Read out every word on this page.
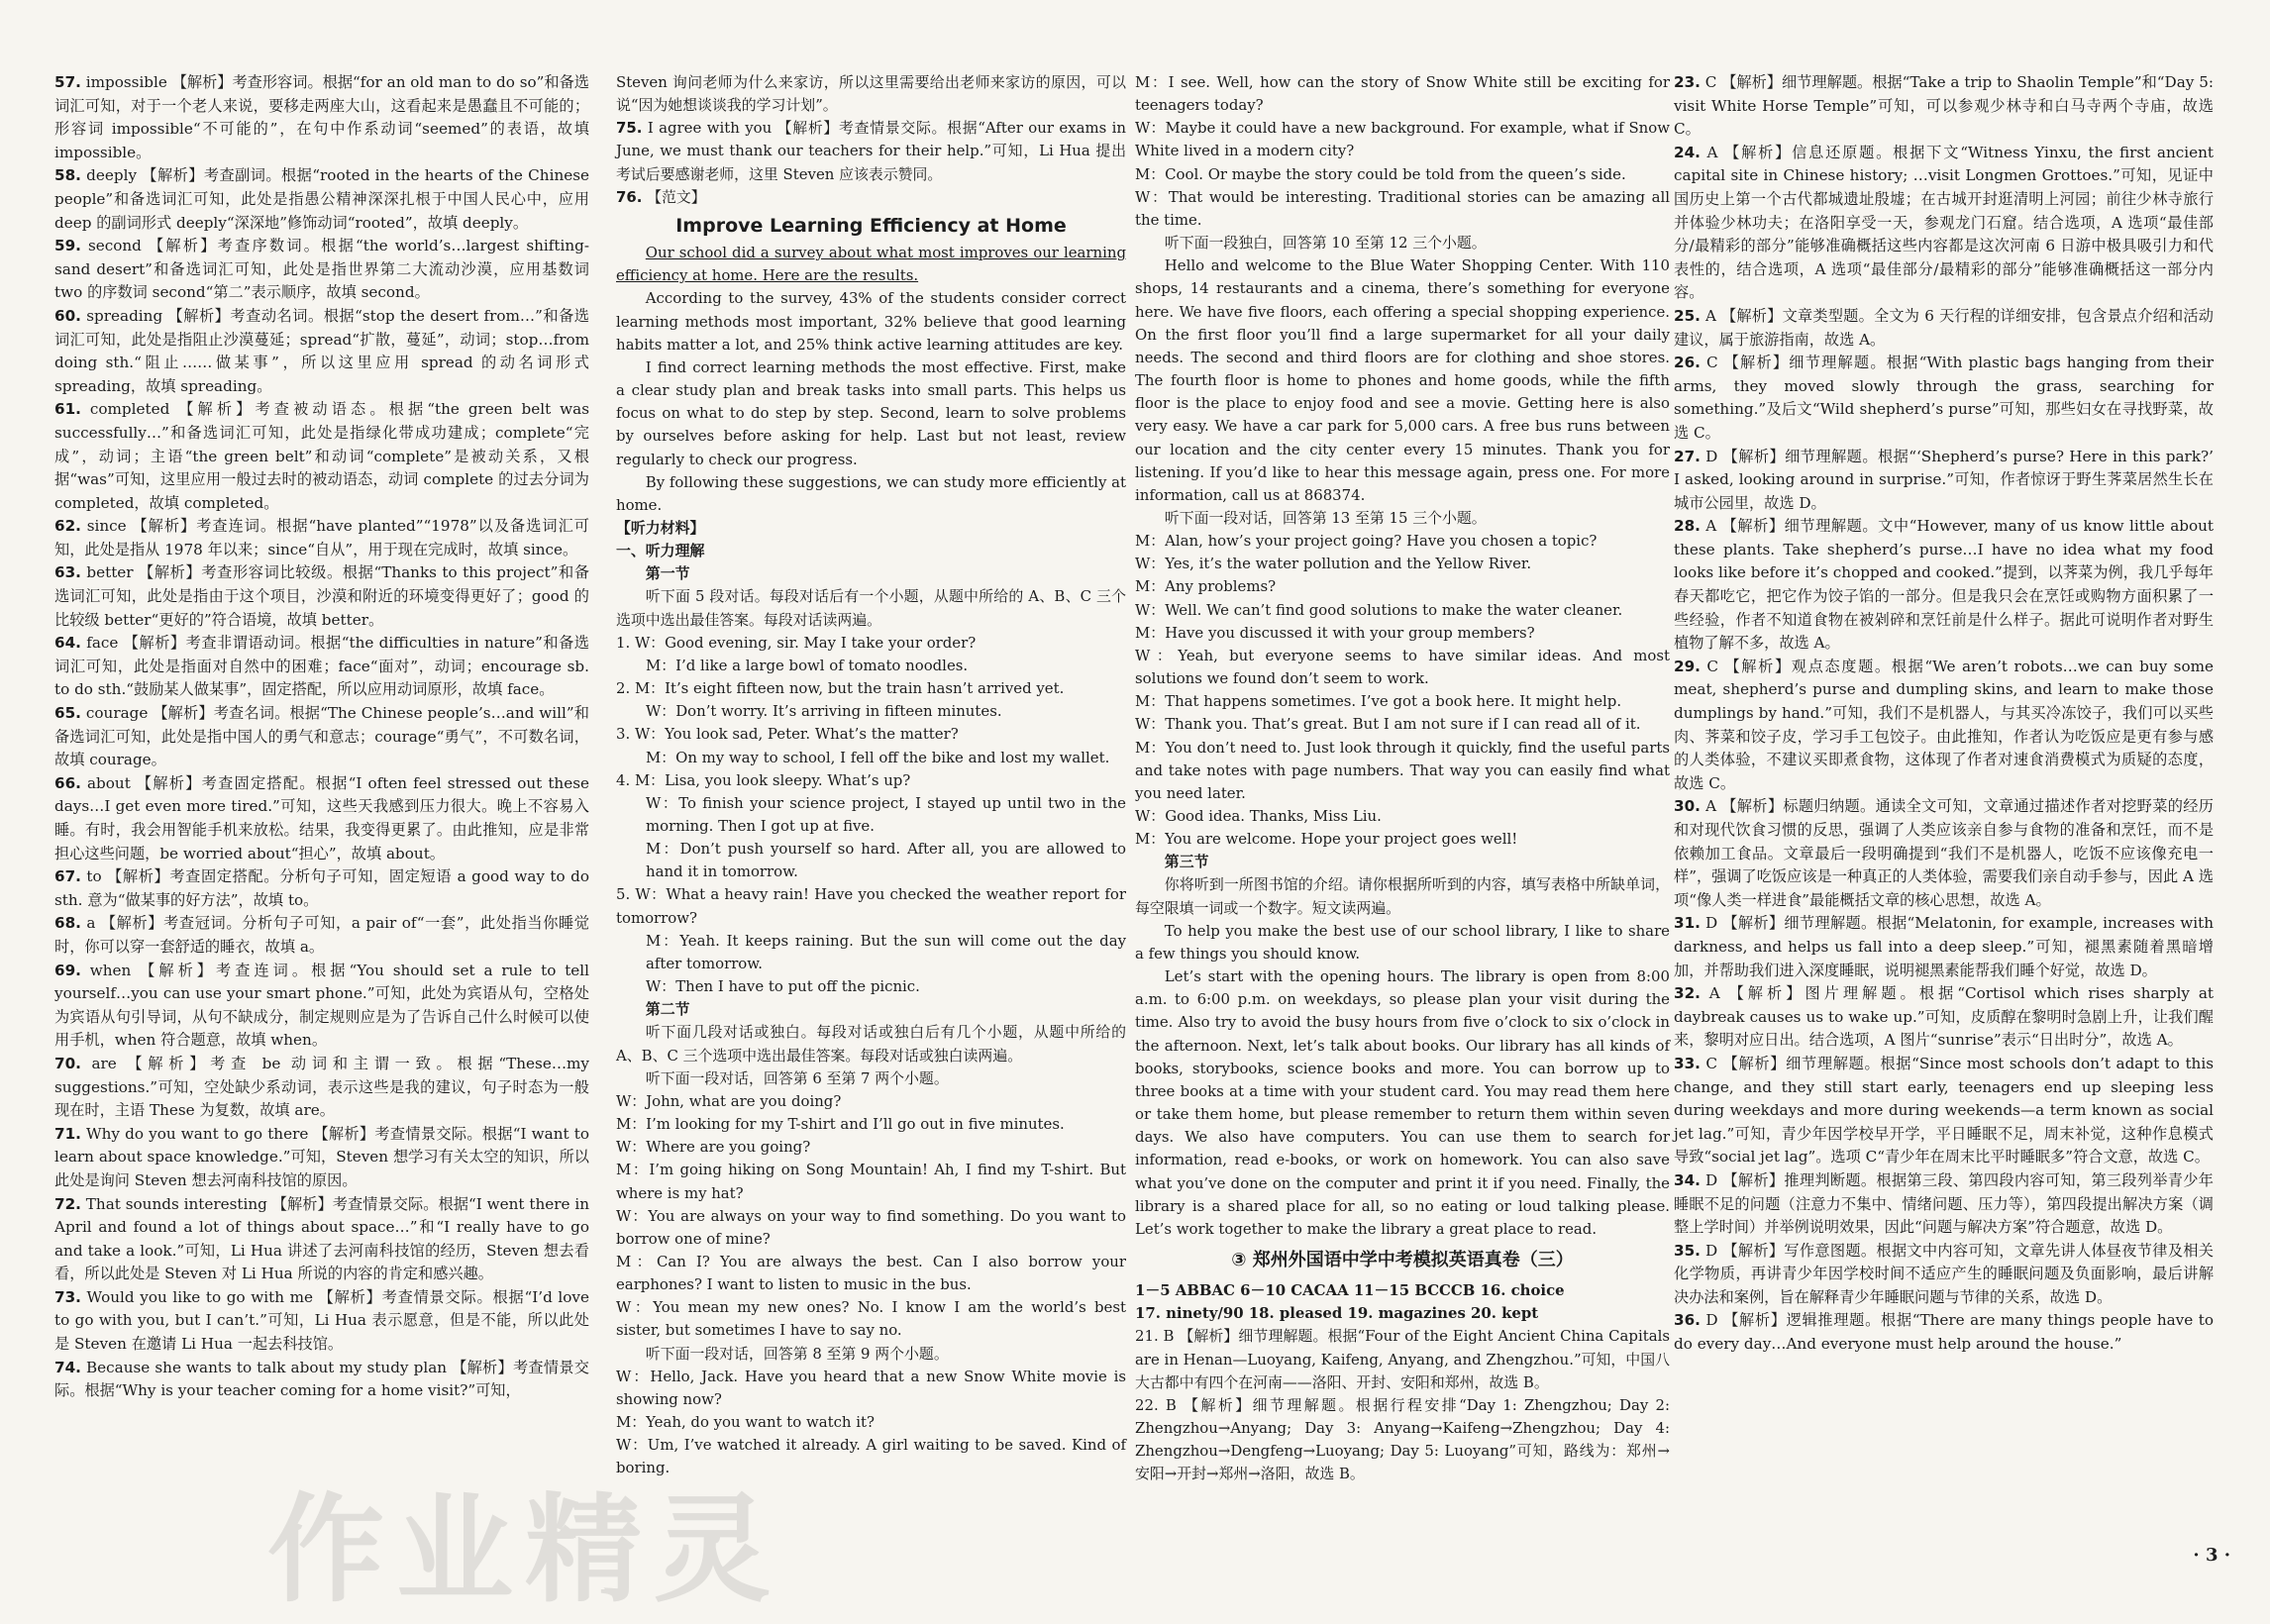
57. impossible 【解析】考查形容词。根据“for an old man to do so”和备选词汇可知，对于一个老人来说，要移走两座大山，这看起来是愚蠢且不可能的；形容词 impossible“不可能的”，在句中作系动词“seemed”的表语，故填 impossible。

58. deeply 【解析】考查副词。根据“rooted in the hearts of the Chinese people”和备选词汇可知，此处是指愚公精神深深扎根于中国人民心中，应用 deep 的副词形式 deeply“深深地”修饰动词“rooted”，故填 deeply。

59. second 【解析】考查序数词。根据“the world’s…largest shifting-sand desert”和备选词汇可知，此处是指世界第二大流动沙漠，应用基数词 two 的序数词 second“第二”表示顺序，故填 second。

60. spreading 【解析】考查动名词。根据“stop the desert from…”和备选词汇可知，此处是指阻止沙漠蔓延；spread“扩散，蔓延”，动词；stop…from doing sth.“阻止……做某事”，所以这里应用 spread 的动名词形式 spreading，故填 spreading。

61. completed 【解析】考查被动语态。根据“the green belt was successfully…”和备选词汇可知，此处是指绿化带成功建成；complete“完成”，动词；主语“the green belt”和动词“complete”是被动关系，又根据“was”可知，这里应用一般过去时的被动语态，动词 complete 的过去分词为 completed，故填 completed。

62. since 【解析】考查连词。根据“have planted”“1978”以及备选词汇可知，此处是指从 1978 年以来；since“自从”，用于现在完成时，故填 since。

63. better 【解析】考查形容词比较级。根据“Thanks to this project”和备选词汇可知，此处是指由于这个项目，沙漠和附近的环境变得更好了；good 的比较级 better“更好的”符合语境，故填 better。

64. face 【解析】考查非谓语动词。根据“the difficulties in nature”和备选词汇可知，此处是指面对自然中的困难；face“面对”，动词；encourage sb. to do sth.“鼓励某人做某事”，固定搭配，所以应用动词原形，故填 face。

65. courage 【解析】考查名词。根据“The Chinese people’s…and will”和备选词汇可知，此处是指中国人的勇气和意志；courage“勇气”，不可数名词，故填 courage。

66. about 【解析】考查固定搭配。根据“I often feel stressed out these days…I get even more tired.”可知，这些天我感到压力很大。晚上不容易入睡。有时，我会用智能手机来放松。结果，我变得更累了。由此推知，应是非常担心这些问题，be worried about“担心”，故填 about。

67. to 【解析】考查固定搭配。分析句子可知，固定短语 a good way to do sth. 意为“做某事的好方法”，故填 to。

68. a 【解析】考查冠词。分析句子可知，a pair of“一套”，此处指当你睡觉时，你可以穿一套舒适的睡衣，故填 a。

69. when 【解析】考查连词。根据“You should set a rule to tell yourself…you can use your smart phone.”可知，此处为宾语从句，空格处为宾语从句引导词，从句不缺成分，制定规则应是为了告诉自己什么时候可以使用手机，when 符合题意，故填 when。

70. are 【解析】考查 be 动词和主谓一致。根据“These…my suggestions.”可知，空处缺少系动词，表示这些是我的建议，句子时态为一般现在时，主语 These 为复数，故填 are。

71. Why do you want to go there 【解析】考查情景交际。根据“I want to learn about space knowledge.”可知，Steven 想学习有关太空的知识，所以此处是询问 Steven 想去河南科技馆的原因。

72. That sounds interesting 【解析】考查情景交际。根据“I went there in April and found a lot of things about space…”和“I really have to go and take a look.”可知，Li Hua 讲述了去河南科技馆的经历，Steven 想去看看，所以此处是 Steven 对 Li Hua 所说的内容的肯定和感兴趣。

73. Would you like to go with me 【解析】考查情景交际。根据“I’d love to go with you, but I can’t.”可知，Li Hua 表示愿意，但是不能，所以此处是 Steven 在邀请 Li Hua 一起去科技馆。

74. Because she wants to talk about my study plan 【解析】考查情景交际。根据“Why is your teacher coming for a home visit?”可知，

Steven 询问老师为什么来家访，所以这里需要给出老师来家访的原因，可以说“因为她想谈谈我的学习计划”。

75. I agree with you 【解析】考查情景交际。根据“After our exams in June, we must thank our teachers for their help.”可知，Li Hua 提出考试后要感谢老师，这里 Steven 应该表示赞同。

76. 【范文】

Improve Learning Efficiency at Home

Our school did a survey about what most improves our learning efficiency at home. Here are the results.

According to the survey, 43% of the students consider correct learning methods most important, 32% believe that good learning habits matter a lot, and 25% think active learning attitudes are key.

I find correct learning methods the most effective. First, make a clear study plan and break tasks into small parts. This helps us focus on what to do step by step. Second, learn to solve problems by ourselves before asking for help. Last but not least, review regularly to check our progress.

By following these suggestions, we can study more efficiently at home.

【听力材料】

一、听力理解

第一节

听下面 5 段对话。每段对话后有一个小题，从题中所给的 A、B、C 三个选项中选出最佳答案。每段对话读两遍。

1. W：Good evening, sir. May I take your order?

M：I’d like a large bowl of tomato noodles.

2. M：It’s eight fifteen now, but the train hasn’t arrived yet.

W：Don’t worry. It’s arriving in fifteen minutes.

3. W：You look sad, Peter. What’s the matter?

M：On my way to school, I fell off the bike and lost my wallet.

4. M：Lisa, you look sleepy. What’s up?

W：To finish your science project, I stayed up until two in the morning. Then I got up at five.

M：Don’t push yourself so hard. After all, you are allowed to hand it in tomorrow.

5. W：What a heavy rain! Have you checked the weather report for tomorrow?

M：Yeah. It keeps raining. But the sun will come out the day after tomorrow.

W：Then I have to put off the picnic.

第二节

听下面几段对话或独白。每段对话或独白后有几个小题，从题中所给的 A、B、C 三个选项中选出最佳答案。每段对话或独白读两遍。

听下面一段对话，回答第 6 至第 7 两个小题。

W：John, what are you doing?

M：I’m looking for my T-shirt and I’ll go out in five minutes.

W：Where are you going?

M：I’m going hiking on Song Mountain! Ah, I find my T-shirt. But where is my hat?

W：You are always on your way to find something. Do you want to borrow one of mine?

M：Can I? You are always the best. Can I also borrow your earphones? I want to listen to music in the bus.

W：You mean my new ones? No. I know I am the world’s best sister, but sometimes I have to say no.

听下面一段对话，回答第 8 至第 9 两个小题。

W：Hello, Jack. Have you heard that a new Snow White movie is showing now?

M：Yeah, do you want to watch it?

W：Um, I’ve watched it already. A girl waiting to be saved. Kind of boring.

M：I see. Well, how can the story of Snow White still be exciting for teenagers today?

W：Maybe it could have a new background. For example, what if Snow White lived in a modern city?

M：Cool. Or maybe the story could be told from the queen’s side.

W：That would be interesting. Traditional stories can be amazing all the time.

听下面一段独白，回答第 10 至第 12 三个小题。

Hello and welcome to the Blue Water Shopping Center. With 110 shops, 14 restaurants and a cinema, there’s something for everyone here. We have five floors, each offering a special shopping experience. On the first floor you’ll find a large supermarket for all your daily needs. The second and third floors are for clothing and shoe stores. The fourth floor is home to phones and home goods, while the fifth floor is the place to enjoy food and see a movie. Getting here is also very easy. We have a car park for 5,000 cars. A free bus runs between our location and the city center every 15 minutes. Thank you for listening. If you’d like to hear this message again, press one. For more information, call us at 868374.

听下面一段对话，回答第 13 至第 15 三个小题。

M：Alan, how’s your project going? Have you chosen a topic?

W：Yes, it’s the water pollution and the Yellow River.

M：Any problems?

W：Well. We can’t find good solutions to make the water cleaner.

M：Have you discussed it with your group members?

W：Yeah, but everyone seems to have similar ideas. And most solutions we found don’t seem to work.

M：That happens sometimes. I’ve got a book here. It might help.

W：Thank you. That’s great. But I am not sure if I can read all of it.

M：You don’t need to. Just look through it quickly, find the useful parts and take notes with page numbers. That way you can easily find what you need later.

W：Good idea. Thanks, Miss Liu.

M：You are welcome. Hope your project goes well!

第三节

你将听到一所图书馆的介绍。请你根据所听到的内容，填写表格中所缺单词，每空限填一词或一个数字。短文读两遍。

To help you make the best use of our school library, I like to share a few things you should know.

Let’s start with the opening hours. The library is open from 8:00 a.m. to 6:00 p.m. on weekdays, so please plan your visit during the time. Also try to avoid the busy hours from five o’clock to six o’clock in the afternoon. Next, let’s talk about books. Our library has all kinds of books, storybooks, science books and more. You can borrow up to three books at a time with your student card. You may read them here or take them home, but please remember to return them within seven days. We also have computers. You can use them to search for information, read e-books, or work on homework. You can also save what you’ve done on the computer and print it if you need. Finally, the library is a shared place for all, so no eating or loud talking please. Let’s work together to make the library a great place to read.

③ 郑州外国语中学中考模拟英语真卷（三）

1－5 ABBAC 6－10 CACAA 11－15 BCCCB 16. choice

17. ninety/90 18. pleased 19. magazines 20. kept

21. B 【解析】细节理解题。根据“Four of the Eight Ancient China Capitals are in Henan—Luoyang, Kaifeng, Anyang, and Zhengzhou.”可知，中国八大古都中有四个在河南——洛阳、开封、安阳和郑州，故选 B。

22. B 【解析】细节理解题。根据行程安排“Day 1: Zhengzhou; Day 2: Zhengzhou→Anyang; Day 3: Anyang→Kaifeng→Zhengzhou; Day 4: Zhengzhou→Dengfeng→Luoyang; Day 5: Luoyang”可知，路线为：郑州→安阳→开封→郑州→洛阳，故选 B。

23. C 【解析】细节理解题。根据“Take a trip to Shaolin Temple”和“Day 5: visit White Horse Temple”可知，可以参观少林寺和白马寺两个寺庙，故选 C。

24. A 【解析】信息还原题。根据下文“Witness Yinxu, the first ancient capital site in Chinese history; …visit Longmen Grottoes.”可知，见证中国历史上第一个古代都城遗址殷墟；在古城开封逛清明上河园；前往少林寺旅行并体验少林功夫；在洛阳享受一天，参观龙门石窟。结合选项，A 选项“最佳部分/最精彩的部分”能够准确概括这些内容都是这次河南 6 日游中极具吸引力和代表性的，结合选项，A 选项“最佳部分/最精彩的部分”能够准确概括这一部分内容。

25. A 【解析】文章类型题。全文为 6 天行程的详细安排，包含景点介绍和活动建议，属于旅游指南，故选 A。

26. C 【解析】细节理解题。根据“With plastic bags hanging from their arms, they moved slowly through the grass, searching for something.”及后文“Wild shepherd’s purse”可知，那些妇女在寻找野菜，故选 C。

27. D 【解析】细节理解题。根据“‘Shepherd’s purse? Here in this park?’ I asked, looking around in surprise.”可知，作者惊讶于野生荠菜居然生长在城市公园里，故选 D。

28. A 【解析】细节理解题。文中“However, many of us know little about these plants. Take shepherd’s purse…I have no idea what my food looks like before it’s chopped and cooked.”提到，以荠菜为例，我几乎每年春天都吃它，把它作为饺子馅的一部分。但是我只会在烹饪或购物方面积累了一些经验，作者不知道食物在被剁碎和烹饪前是什么样子。据此可说明作者对野生植物了解不多，故选 A。

29. C 【解析】观点态度题。根据“We aren’t robots…we can buy some meat, shepherd’s purse and dumpling skins, and learn to make those dumplings by hand.”可知，我们不是机器人，与其买冷冻饺子，我们可以买些肉、荠菜和饺子皮，学习手工包饺子。由此推知，作者认为吃饭应是更有参与感的人类体验，不建议买即煮食物，这体现了作者对速食消费模式为质疑的态度，故选 C。

30. A 【解析】标题归纳题。通读全文可知，文章通过描述作者对挖野菜的经历和对现代饮食习惯的反思，强调了人类应该亲自参与食物的准备和烹饪，而不是依赖加工食品。文章最后一段明确提到“我们不是机器人，吃饭不应该像充电一样”，强调了吃饭应该是一种真正的人类体验，需要我们亲自动手参与，因此 A 选项“像人类一样进食”最能概括文章的核心思想，故选 A。

31. D 【解析】细节理解题。根据“Melatonin, for example, increases with darkness, and helps us fall into a deep sleep.”可知，褪黑素随着黑暗增加，并帮助我们进入深度睡眠，说明褪黑素能帮我们睡个好觉，故选 D。

32. A 【解析】图片理解题。根据“Cortisol which rises sharply at daybreak causes us to wake up.”可知，皮质醇在黎明时急剧上升，让我们醒来，黎明对应日出。结合选项，A 图片“sunrise”表示“日出时分”，故选 A。

33. C 【解析】细节理解题。根据“Since most schools don’t adapt to this change, and they still start early, teenagers end up sleeping less during weekdays and more during weekends—a term known as social jet lag.”可知，青少年因学校早开学，平日睡眠不足，周末补觉，这种作息模式导致“social jet lag”。选项 C“青少年在周末比平时睡眠多”符合文意，故选 C。

34. D 【解析】推理判断题。根据第三段、第四段内容可知，第三段列举青少年睡眠不足的问题（注意力不集中、情绪问题、压力等），第四段提出解决方案（调整上学时间）并举例说明效果，因此“问题与解决方案”符合题意，故选 D。

35. D 【解析】写作意图题。根据文中内容可知，文章先讲人体昼夜节律及相关化学物质，再讲青少年因学校时间不适应产生的睡眠问题及负面影响，最后讲解决办法和案例，旨在解释青少年睡眠问题与节律的关系，故选 D。

36. D 【解析】逻辑推理题。根据“There are many things people have to do every day…And everyone must help around the house.”

· 3 ·
作业精灵
